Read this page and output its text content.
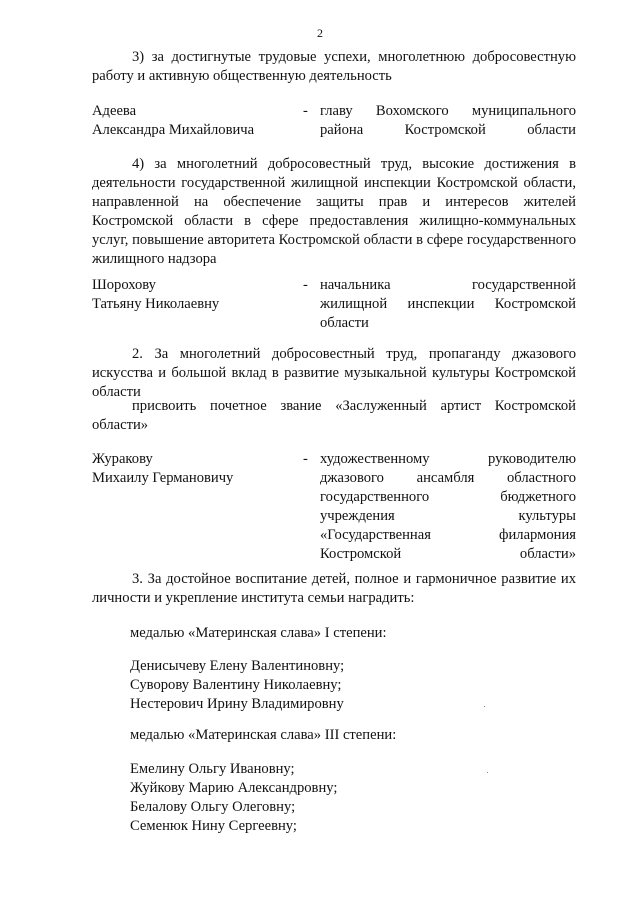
2
3) за достигнутые трудовые успехи, многолетнюю добросовестную работу и активную общественную деятельность
Адеева
Александра Михайловича
- главу Вохомского муниципального
района Костромской области
4) за многолетний добросовестный труд, высокие достижения в деятельности государственной жилищной инспекции Костромской области, направленной на обеспечение защиты прав и интересов жителей Костромской области в сфере предоставления жилищно-коммунальных услуг, повышение авторитета Костромской области в сфере государственного жилищного надзора
Шорохову
Татьяну Николаевну
- начальника государственной
жилищной инспекции Костромской
области
2. За многолетний добросовестный труд, пропаганду джазового искусства и большой вклад в развитие музыкальной культуры Костромской области
присвоить почетное звание «Заслуженный артист Костромской области»
Журакову
Михаилу Германовичу
- художественному руководителю
джазового ансамбля областного
государственного бюджетного
учреждения культуры
«Государственная филармония
Костромской области»
3. За достойное воспитание детей, полное и гармоничное развитие их личности и укрепление института семьи наградить:
медалью «Материнская слава» I степени:
Денисычеву Елену Валентиновну;
Суворову Валентину Николаевну;
Нестерович Ирину Владимировну
медалью «Материнская слава» III степени:
Емелину Ольгу Ивановну;
Жуйкову Марию Александровну;
Белалову Ольгу Олеговну;
Семенюк Нину Сергеевну;
